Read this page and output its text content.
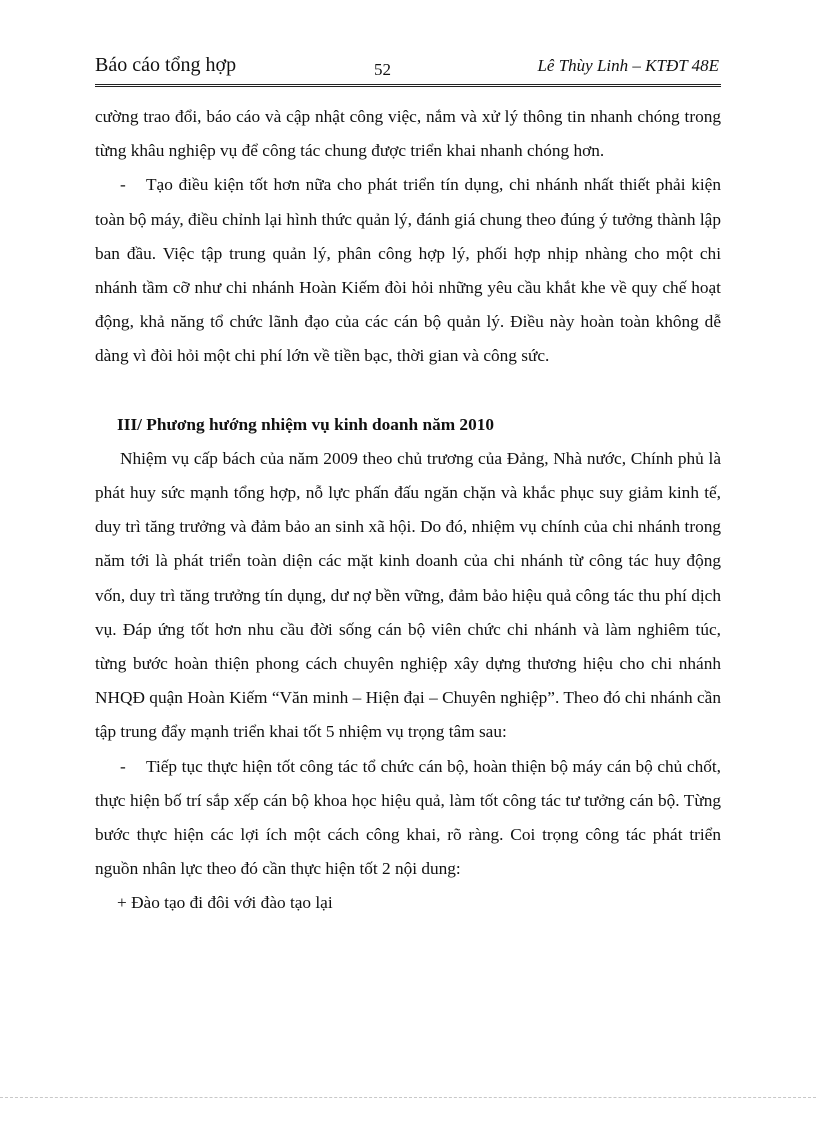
Báo cáo tổng hợp	52	Lê Thùy Linh – KTĐT 48E

cường trao đổi, báo cáo và cập nhật công việc, nắm và xử lý thông tin nhanh chóng trong từng khâu nghiệp vụ để công tác chung được triển khai nhanh chóng hơn.

- Tạo điều kiện tốt hơn nữa cho phát triển tín dụng, chi nhánh nhất thiết phải kiện toàn bộ máy, điều chỉnh lại hình thức quản lý, đánh giá chung theo đúng ý tưởng thành lập ban đầu. Việc tập trung quản lý, phân công hợp lý, phối hợp nhịp nhàng cho một chi nhánh tầm cỡ như chi nhánh Hoàn Kiếm đòi hỏi những yêu cầu khắt khe về quy chế hoạt động, khả năng tổ chức lãnh đạo của các cán bộ quản lý. Điều này hoàn toàn không dễ dàng vì đòi hỏi một chi phí lớn về tiền bạc, thời gian và công sức.

III/ Phương hướng nhiệm vụ kinh doanh năm 2010

Nhiệm vụ cấp bách của năm 2009 theo chủ trương của Đảng, Nhà nước, Chính phủ là phát huy sức mạnh tổng hợp, nỗ lực phấn đấu ngăn chặn và khắc phục suy giảm kinh tế, duy trì tăng trưởng và đảm bảo an sinh xã hội. Do đó, nhiệm vụ chính của chi nhánh trong năm tới là phát triển toàn diện các mặt kinh doanh của chi nhánh từ công tác huy động vốn, duy trì tăng trưởng tín dụng, dư nợ bền vững, đảm bảo hiệu quả công tác thu phí dịch vụ. Đáp ứng tốt hơn nhu cầu đời sống cán bộ viên chức chi nhánh và làm nghiêm túc, từng bước hoàn thiện phong cách chuyên nghiệp xây dựng thương hiệu cho chi nhánh NHQĐ quận Hoàn Kiếm “Văn minh – Hiện đại – Chuyên nghiệp”. Theo đó chi nhánh cần tập trung đẩy mạnh triển khai tốt 5 nhiệm vụ trọng tâm sau:

- Tiếp tục thực hiện tốt công tác tổ chức cán bộ, hoàn thiện bộ máy cán bộ chủ chốt, thực hiện bố trí sắp xếp cán bộ khoa học hiệu quả, làm tốt công tác tư tưởng cán bộ. Từng bước thực hiện các lợi ích một cách công khai, rõ ràng. Coi trọng công tác phát triển nguồn nhân lực theo đó cần thực hiện tốt 2 nội dung:

+ Đào tạo đi đôi với đào tạo lại
